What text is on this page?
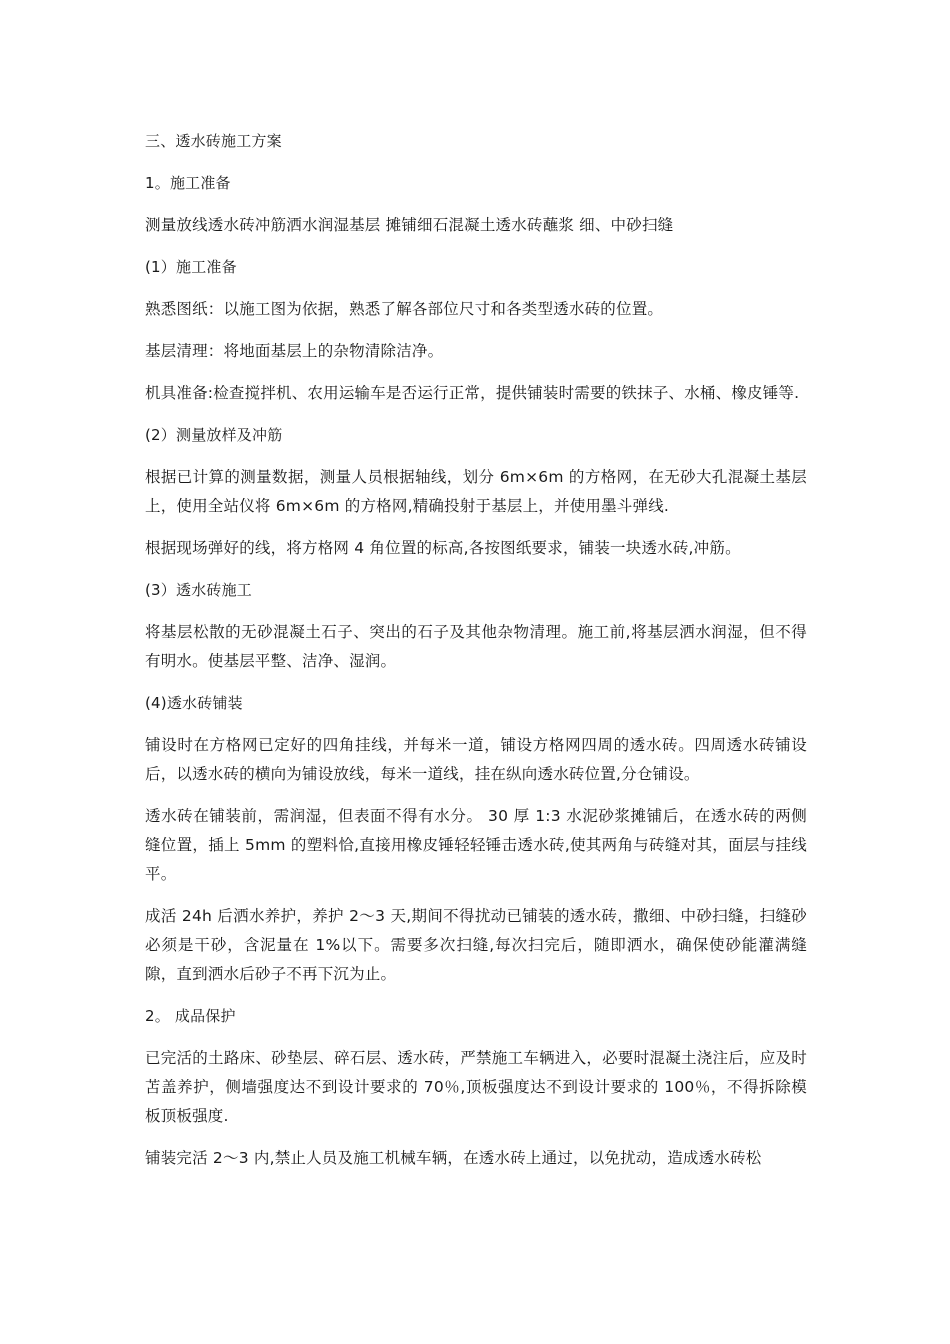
三、透水砖施工方案

1。施工准备

测量放线透水砖冲筋洒水润湿基层 摊铺细石混凝土透水砖蘸浆 细、中砂扫缝

(1）施工准备

熟悉图纸：以施工图为依据，熟悉了解各部位尺寸和各类型透水砖的位置。

基层清理：将地面基层上的杂物清除洁净。

机具准备:检查搅拌机、农用运输车是否运行正常，提供铺装时需要的铁抹子、水桶、橡皮锤等.

(2）测量放样及冲筋

根据已计算的测量数据，测量人员根据轴线，划分 6m×6m 的方格网，在无砂大孔混凝土基层上，使用全站仪将 6m×6m 的方格网,精确投射于基层上，并使用墨斗弹线.

根据现场弹好的线，将方格网 4 角位置的标高,各按图纸要求，铺装一块透水砖,冲筋。

(3）透水砖施工

将基层松散的无砂混凝土石子、突出的石子及其他杂物清理。施工前,将基层洒水润湿，但不得有明水。使基层平整、洁净、湿润。

(4)透水砖铺装

铺设时在方格网已定好的四角挂线，并每米一道，铺设方格网四周的透水砖。四周透水砖铺设后，以透水砖的横向为铺设放线，每米一道线，挂在纵向透水砖位置,分仓铺设。

透水砖在铺装前，需润湿，但表面不得有水分。 30 厚 1:3 水泥砂浆摊铺后，在透水砖的两侧缝位置，插上 5mm 的塑料恰,直接用橡皮锤轻轻锤击透水砖,使其两角与砖缝对其，面层与挂线平。

成活 24h 后洒水养护，养护 2～3 天,期间不得扰动已铺装的透水砖，撒细、中砂扫缝，扫缝砂必须是干砂，含泥量在 1%以下。需要多次扫缝,每次扫完后，随即洒水，确保使砂能灌满缝隙，直到洒水后砂子不再下沉为止。

2。 成品保护

已完活的土路床、砂垫层、碎石层、透水砖，严禁施工车辆进入，必要时混凝土浇注后，应及时苫盖养护，侧墙强度达不到设计要求的 70％,顶板强度达不到设计要求的 100％，不得拆除模板顶板强度.

铺装完活 2～3 内,禁止人员及施工机械车辆，在透水砖上通过，以免扰动，造成透水砖松
